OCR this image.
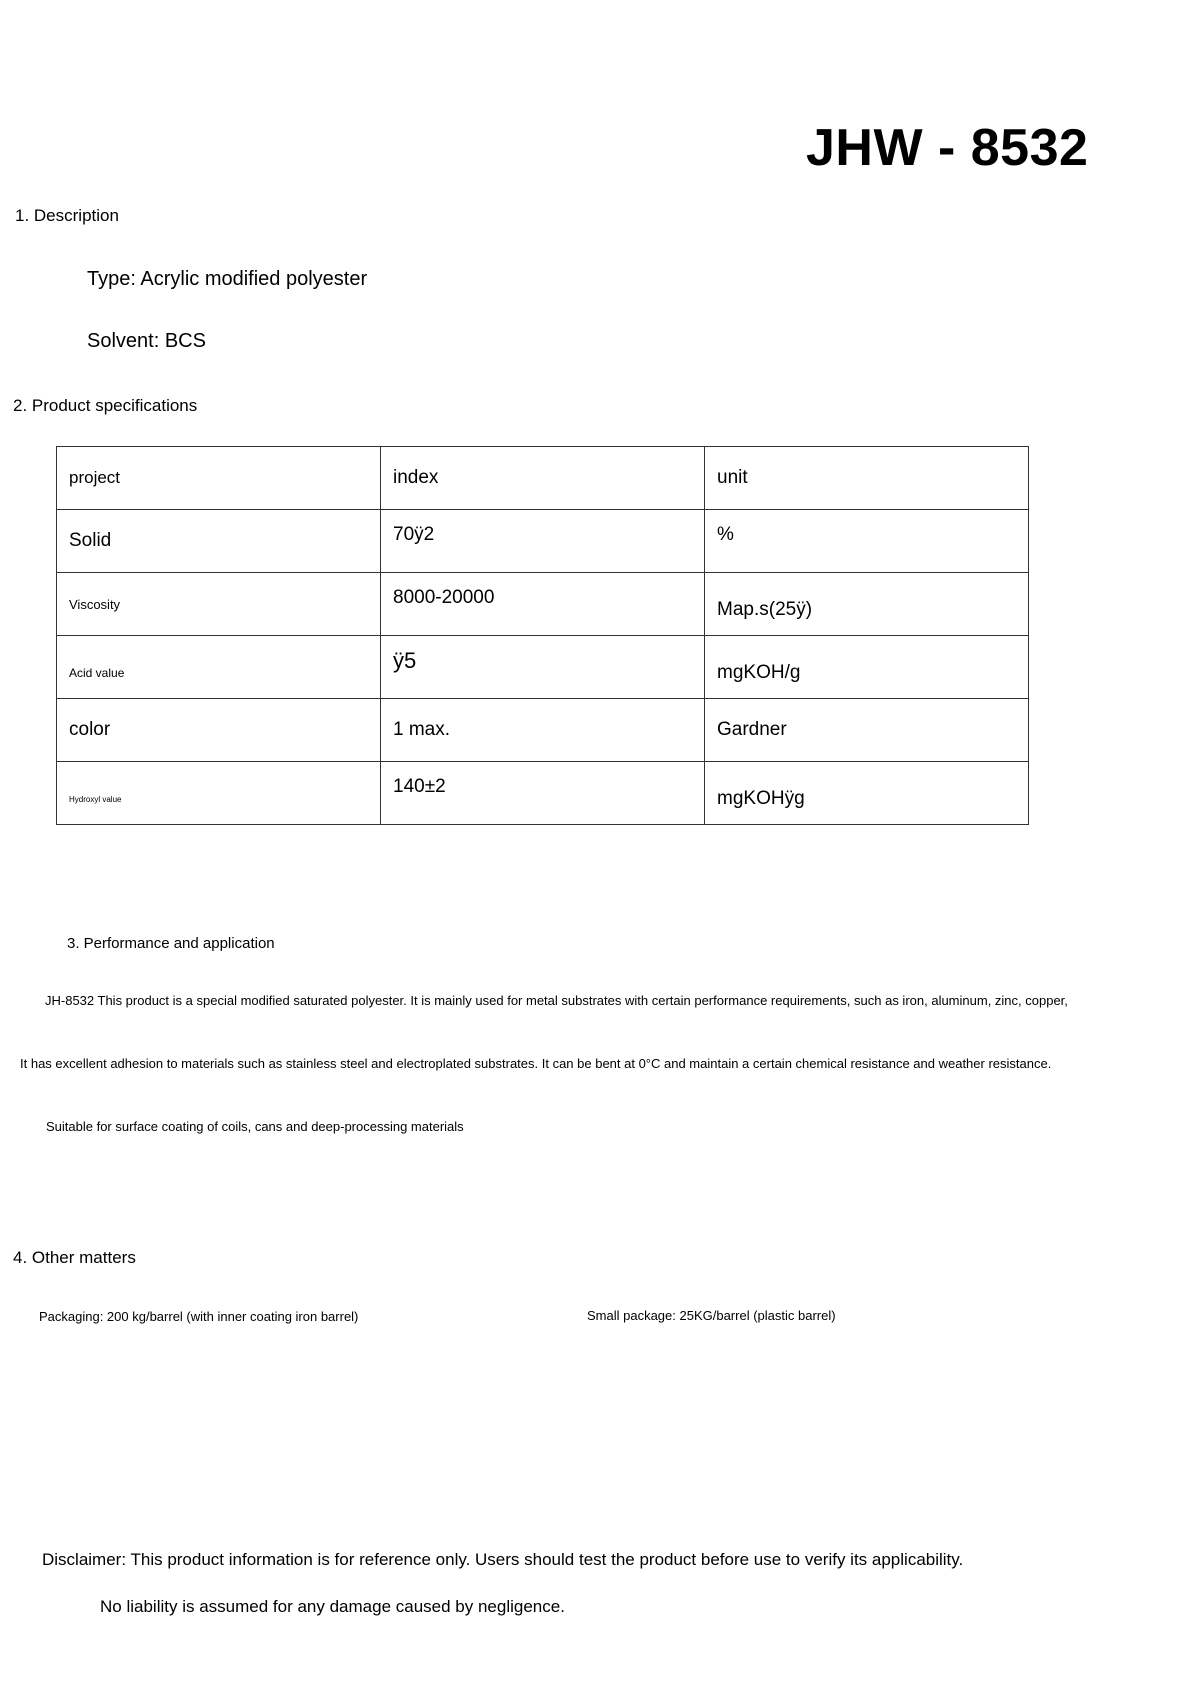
JHW - 8532
1. Description
Type: Acrylic modified polyester
Solvent: BCS
2. Product specifications
project	index	unit
Solid	70ÿ2	%
Viscosity	8000-20000	Map.s(25ÿ)
Acid value	ÿ5	mgKOH/g
color	1 max.	Gardner
Hydroxyl value	140±2	mgKOHÿg
3. Performance and application
JH-8532 This product is a special modified saturated polyester. It is mainly used for metal substrates with certain performance requirements, such as iron, aluminum, zinc, copper,
It has excellent adhesion to materials such as stainless steel and electroplated substrates. It can be bent at 0°C and maintain a certain chemical resistance and weather resistance.
Suitable for surface coating of coils, cans and deep-processing materials
4. Other matters
Packaging: 200 kg/barrel (with inner coating iron barrel)	Small package: 25KG/barrel (plastic barrel)
Disclaimer: This product information is for reference only. Users should test the product before use to verify its applicability.
No liability is assumed for any damage caused by negligence.
